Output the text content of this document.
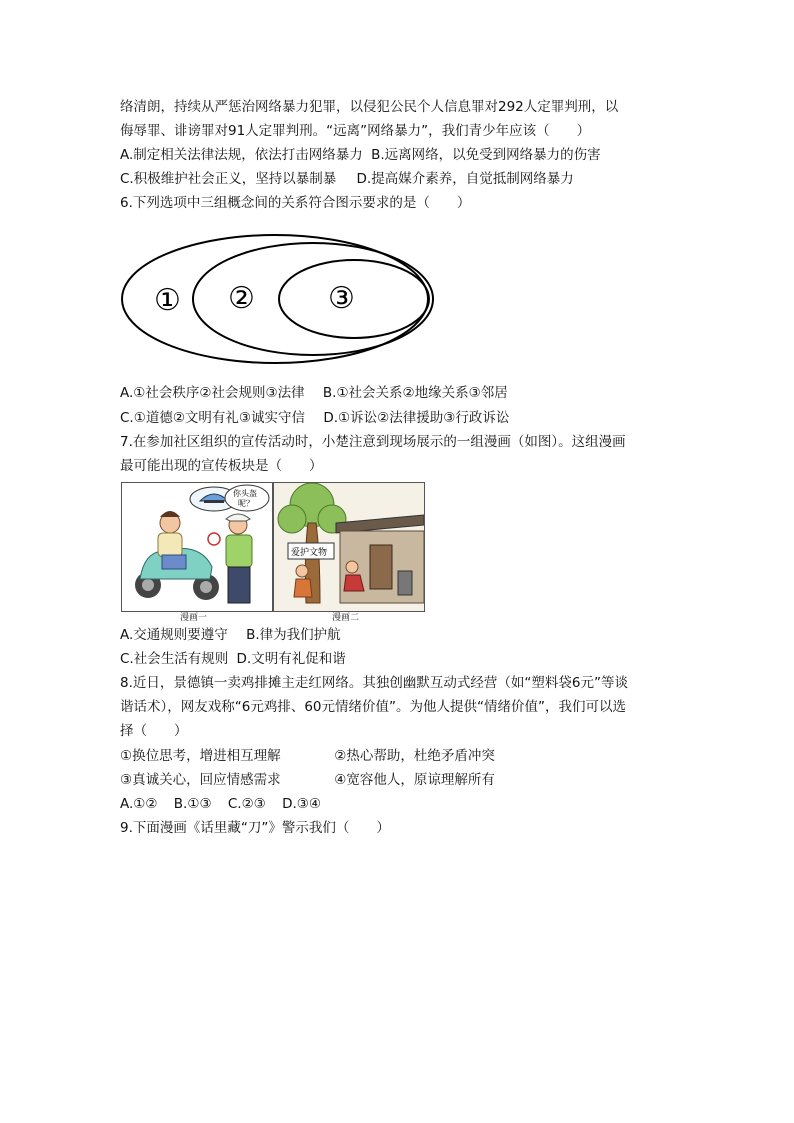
络清朗，持续从严惩治网络暴力犯罪，以侵犯公民个人信息罪对292人定罪判刑，以
侮辱罪、诽谤罪对91人定罪判刑。“远离”网络暴力”，我们青少年应该（　　）
A.制定相关法律法规，依法打击网络暴力 B.远离网络，以免受到网络暴力的伤害
C.积极维护社会正义，坚持以暴制暴 D.提高媒介素养，自觉抵制网络暴力
6.下列选项中三组概念间的关系符合图示要求的是（　　）
① ② ③
A.①社会秩序②社会规则③法律 B.①社会关系②地缘关系③邻居
C.①道德②文明有礼③诚实守信 D.①诉讼②法律援助③行政诉讼
7.在参加社区组织的宣传活动时，小楚注意到现场展示的一组漫画（如图）。这组漫画
最可能出现的宣传板块是（　　）
你头盔
呢？
漫画一
爱护文物
漫画二
A.交通规则要遵守 B.律为我们护航
C.社会生活有规则 D.文明有礼促和谐
8.近日，景德镇一卖鸡排摊主走红网络。其独创幽默互动式经营（如“塑料袋6元”等谈
谐话术），网友戏称“6元鸡排、60元情绪价值”。为他人提供“情绪价值”，我们可以选
择（　　）
①换位思考，增进相互理解	②热心帮助，杜绝矛盾冲突
③真诚关心，回应情感需求	④宽容他人，原谅理解所有
A.①② B.①③ C.②③ D.③④
9.下面漫画《话里藏“刀”》警示我们（　　）
